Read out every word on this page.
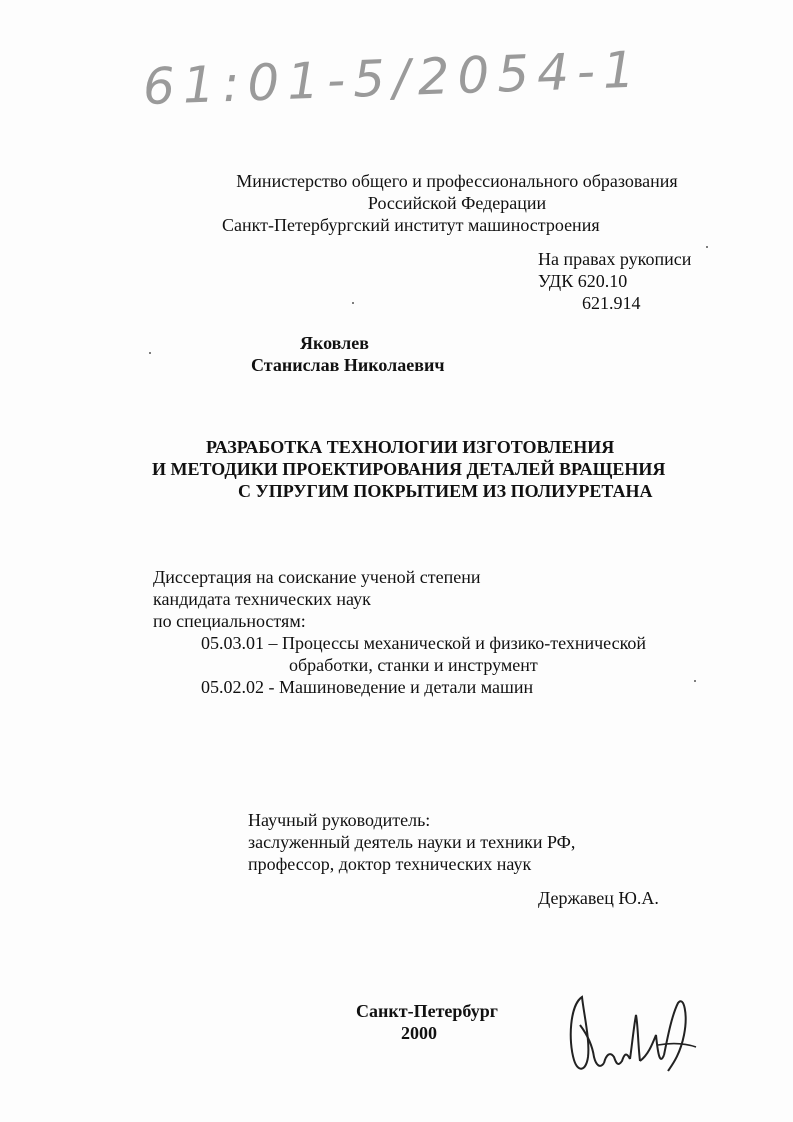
61:01-5/2054-1
Министерство общего и профессионального образования
Российской Федерации
Санкт-Петербургский институт машиностроения
На правах рукописи
УДК 620.10
621.914
Яковлев
Станислав Николаевич
РАЗРАБОТКА ТЕХНОЛОГИИ ИЗГОТОВЛЕНИЯ
И МЕТОДИКИ ПРОЕКТИРОВАНИЯ ДЕТАЛЕЙ ВРАЩЕНИЯ
С УПРУГИМ ПОКРЫТИЕМ ИЗ ПОЛИУРЕТАНА
Диссертация на соискание ученой степени
кандидата технических наук
по специальностям:
05.03.01 – Процессы механической и физико-технической
обработки, станки и инструмент
05.02.02 - Машиноведение и детали машин
Научный руководитель:
заслуженный деятель науки и техники РФ,
профессор, доктор технических наук
Державец Ю.А.
Санкт-Петербург
2000
